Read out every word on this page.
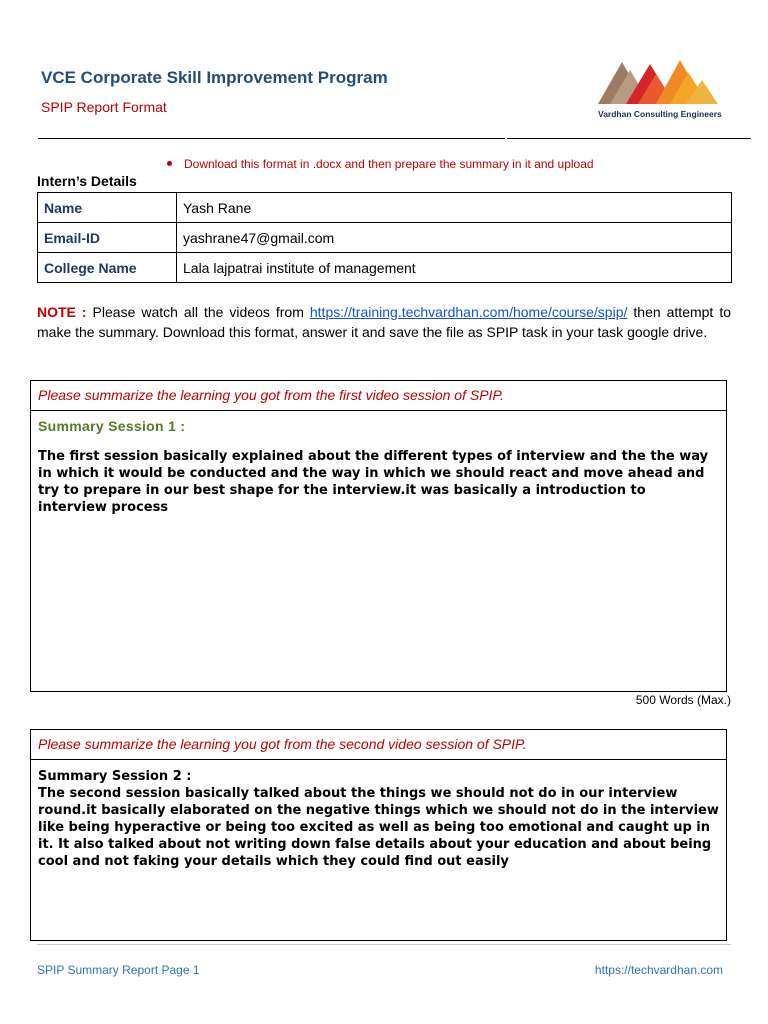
VCE Corporate Skill Improvement Program
SPIP Report Format	Vardhan Consulting Engineers
Download this format in .docx and then prepare the summary in it and upload
Intern’s Details
Name	Yash Rane
Email-ID	yashrane47@gmail.com
College Name	Lala lajpatrai institute of management
NOTE : Please watch all the videos from https://training.techvardhan.com/home/course/spip/ then attempt to make the summary. Download this format, answer it and save the file as SPIP task in your task google drive.
Please summarize the learning you got from the first video session of SPIP.
Summary Session 1 :
The first session basically explained about the different types of interview and the the way in which it would be conducted and the way in which we should react and move ahead and try to prepare in our best shape for the interview.it was basically a introduction to interview process
500 Words (Max.)
Please summarize the learning you got from the second video session of SPIP.
Summary Session 2 :
The second session basically talked about the things we should not do in our interview round.it basically elaborated on the negative things which we should not do in the interview like being hyperactive or being too excited as well as being too emotional and caught up in it. It also talked about not writing down false details about your education and about being cool and not faking your details which they could find out easily
SPIP Summary Report Page 1	https://techvardhan.com
